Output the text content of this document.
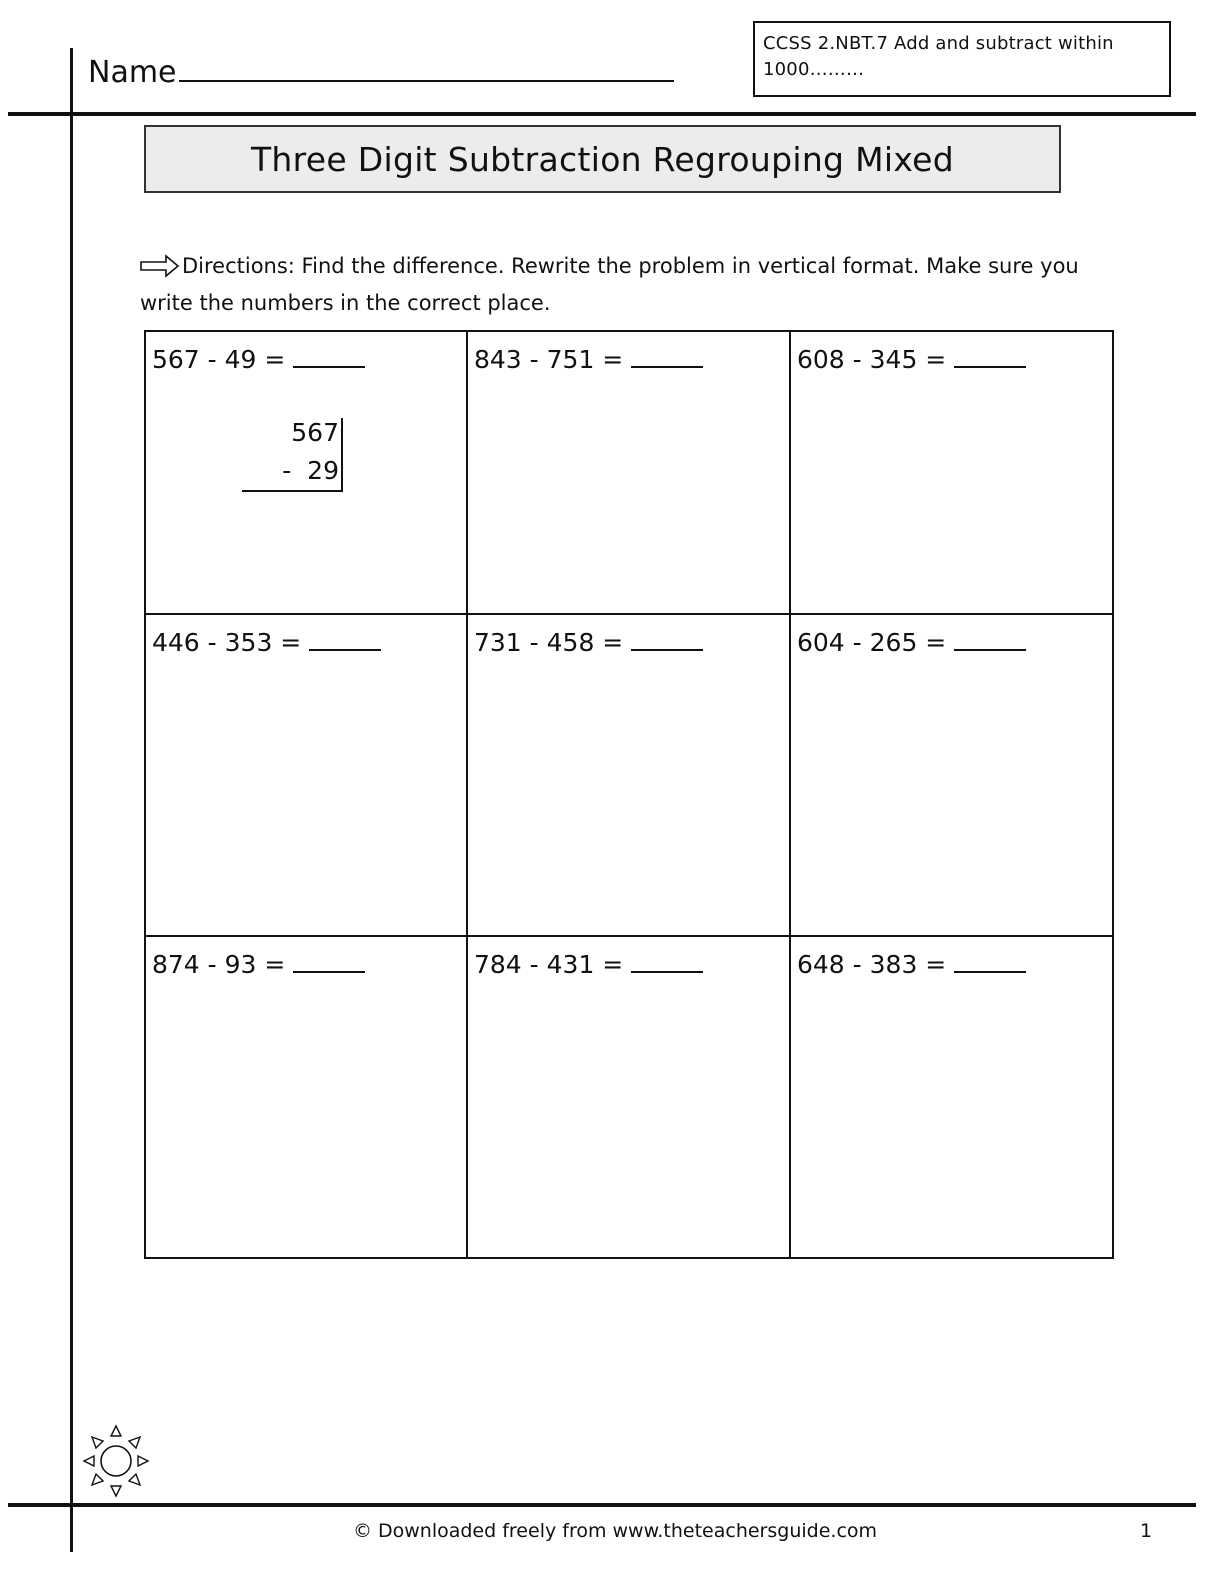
Name
CCSS 2.NBT.7 Add and subtract within 1000………
Three Digit Subtraction Regrouping Mixed
Directions: Find the difference. Rewrite the problem in vertical format. Make sure you write the numbers in the correct place.
567 - 49 =
567
-  29
843 - 751 =	608 - 345 =
446 - 353 =	731 - 458 =	604 - 265 =
874 - 93 =	784 - 431 =	648 - 383 =
© Downloaded freely from www.theteachersguide.com	1
